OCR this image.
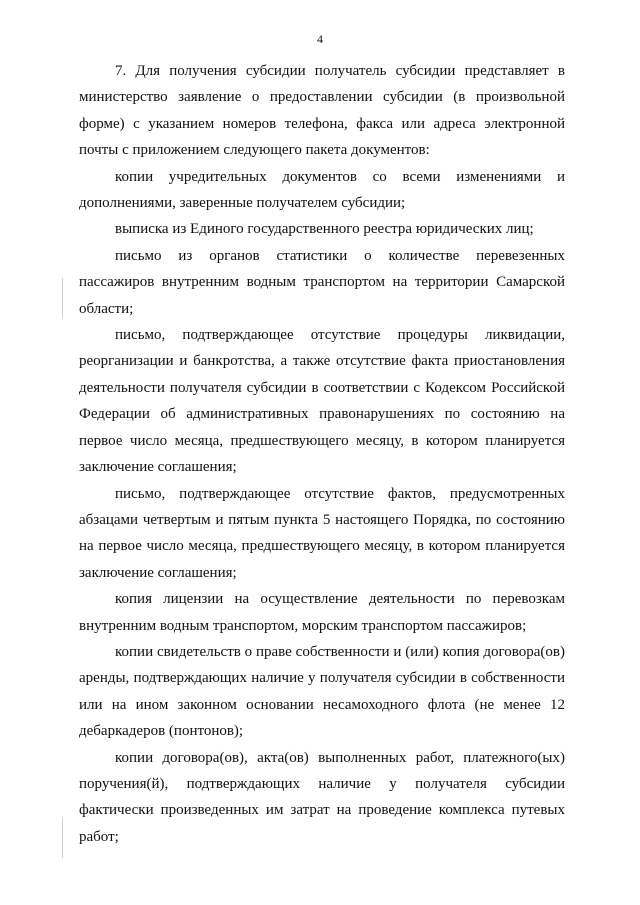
4

7. Для получения субсидии получатель субсидии представляет в министерство заявление о предоставлении субсидии (в произвольной форме) с указанием номеров телефона, факса или адреса электронной почты с приложением следующего пакета документов:

копии учредительных документов со всеми изменениями и дополнениями, заверенные получателем субсидии;

выписка из Единого государственного реестра юридических лиц;

письмо из органов статистики о количестве перевезенных пассажиров внутренним водным транспортом на территории Самарской области;

письмо, подтверждающее отсутствие процедуры ликвидации, реорганизации и банкротства, а также отсутствие факта приостановления деятельности получателя субсидии в соответствии с Кодексом Российской Федерации об административных правонарушениях по состоянию на первое число месяца, предшествующего месяцу, в котором планируется заключение соглашения;

письмо, подтверждающее отсутствие фактов, предусмотренных абзацами четвертым и пятым пункта 5 настоящего Порядка, по состоянию на первое число месяца, предшествующего месяцу, в котором планируется заключение соглашения;

копия лицензии на осуществление деятельности по перевозкам внутренним водным транспортом, морским транспортом пассажиров;

копии свидетельств о праве собственности и (или) копия договора(ов) аренды, подтверждающих наличие у получателя субсидии в собственности или на ином законном основании несамоходного флота (не менее 12 дебаркадеров (понтонов);

копии договора(ов), акта(ов) выполненных работ, платежного(ых) поручения(й), подтверждающих наличие у получателя субсидии фактически произведенных им затрат на проведение комплекса путевых работ;
